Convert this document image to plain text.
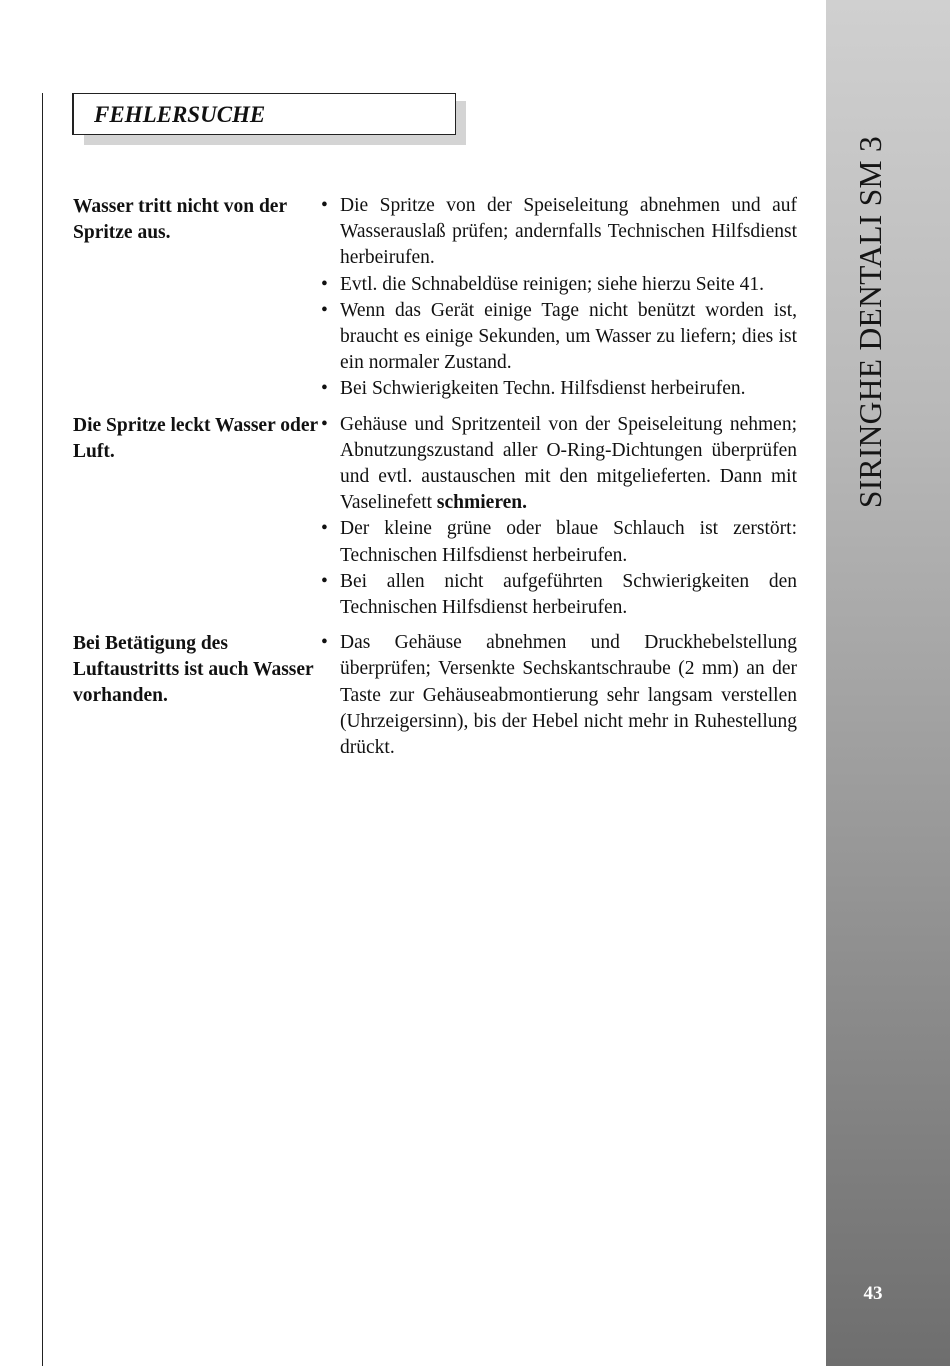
FEHLERSUCHE
Wasser tritt nicht von der Spritze aus.
• Die Spritze von der Speiseleitung abnehmen und auf Wasserauslaß prüfen; andernfalls Technischen Hilfsdienst herbeirufen.
• Evtl. die Schnabeldüse reinigen; siehe hierzu Seite 41.
• Wenn das Gerät einige Tage nicht benützt worden ist, braucht es einige Sekunden, um Wasser zu liefern; dies ist ein normaler Zustand.
• Bei Schwierigkeiten Techn. Hilfsdienst herbeirufen.
Die Spritze leckt Wasser oder Luft.
• Gehäuse und Spritzenteil von der Speiseleitung nehmen; Abnutzungszustand aller O-Ring-Dichtungen überprüfen und evtl. austauschen mit den mitgelieferten. Dann mit Vaselinefett schmieren.
• Der kleine grüne oder blaue Schlauch ist zerstört: Technischen Hilfsdienst herbeirufen.
• Bei allen nicht aufgeführten Schwierigkeiten den Technischen Hilfsdienst herbeirufen.
Bei Betätigung des Luftaustritts ist auch Wasser vorhanden.
• Das Gehäuse abnehmen und Druckhebelstellung überprüfen; Versenkte Sechskantschraube (2 mm) an der Taste zur Gehäuseabmontierung sehr langsam verstellen (Uhrzeigersinn), bis der Hebel nicht mehr in Ruhestellung drückt.
SIRINGHE DENTALI SM 3
43
